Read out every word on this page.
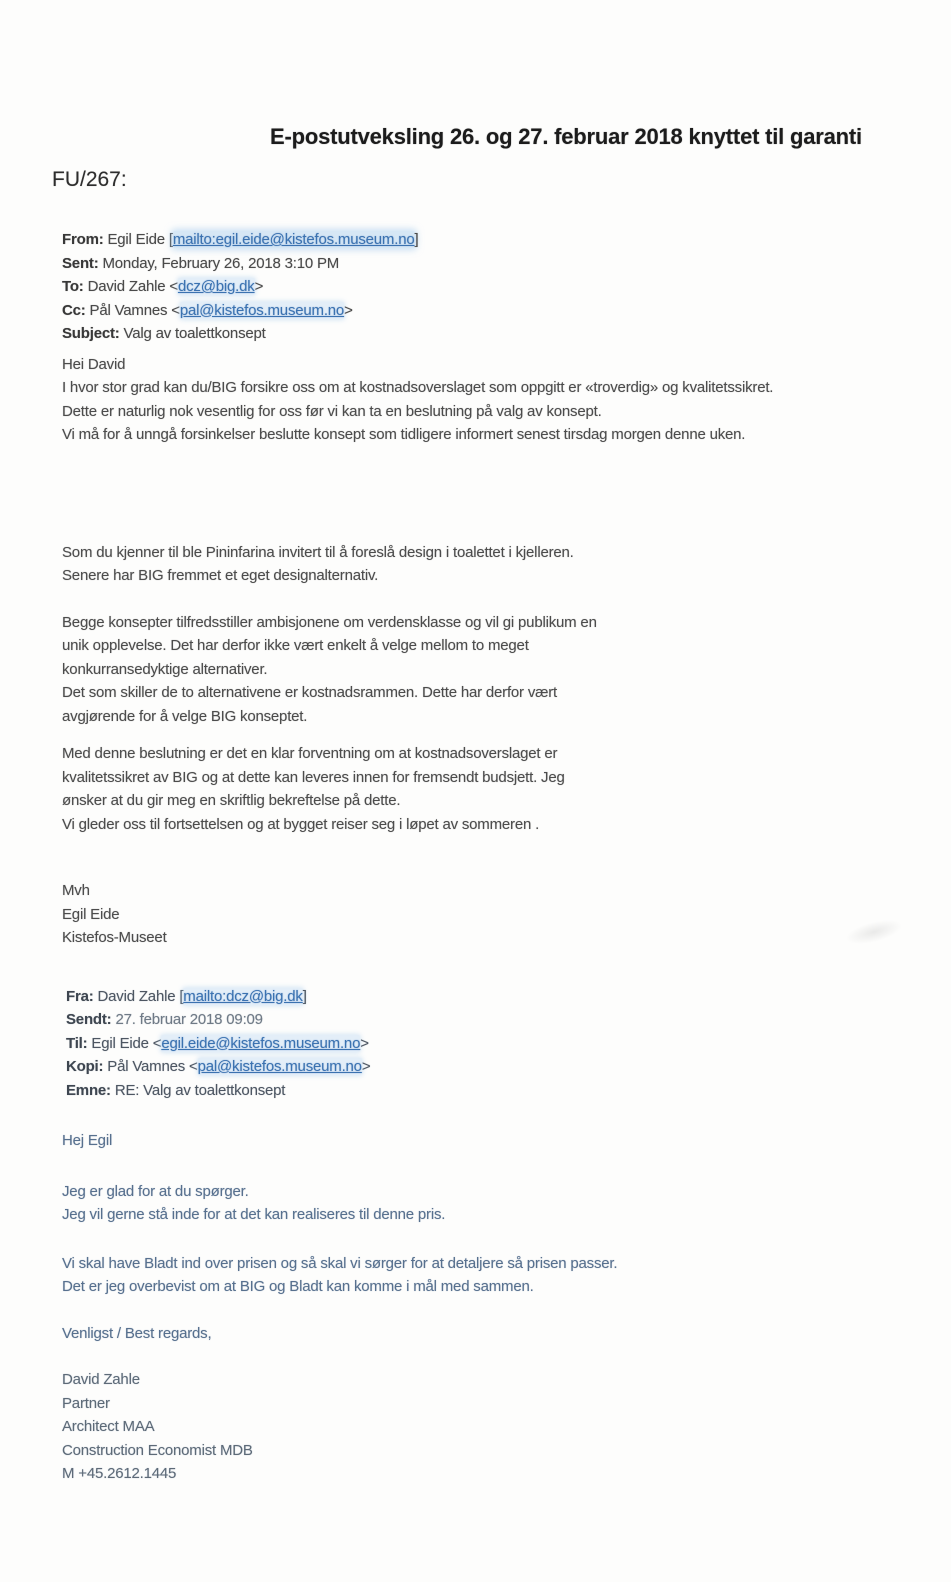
E-postutveksling 26. og 27. februar 2018 knyttet til garanti
FU/267:
From: Egil Eide [mailto:egil.eide@kistefos.museum.no]
Sent: Monday, February 26, 2018 3:10 PM
To: David Zahle <dcz@big.dk>
Cc: Pål Vamnes <pal@kistefos.museum.no>
Subject: Valg av toalettkonsept
Hei David
I hvor stor grad kan du/BIG forsikre oss om at kostnadsoverslaget som oppgitt er «troverdig» og kvalitetssikret.
Dette er naturlig nok vesentlig for oss før vi kan ta en beslutning på valg av konsept.
Vi må for å unngå forsinkelser beslutte konsept som tidligere informert senest tirsdag morgen denne uken.
Som du kjenner til ble Pininfarina invitert til å foreslå design i toalettet i kjelleren.
Senere har BIG fremmet et eget designalternativ.
Begge konsepter tilfredsstiller ambisjonene om verdensklasse og vil gi publikum en
unik opplevelse. Det har derfor ikke vært enkelt å velge mellom to meget
konkurransedyktige alternativer.
Det som skiller de to alternativene er kostnadsrammen. Dette har derfor vært
avgjørende for å velge BIG konseptet.
Med denne beslutning er det en klar forventning om at kostnadsoverslaget er
kvalitetssikret av BIG og at dette kan leveres innen for fremsendt budsjett. Jeg
ønsker at du gir meg en skriftlig bekreftelse på dette.
Vi gleder oss til fortsettelsen og at bygget reiser seg i løpet av sommeren .
Mvh
Egil Eide
Kistefos-Museet
Fra: David Zahle [mailto:dcz@big.dk]
Sendt: 27. februar 2018 09:09
Til: Egil Eide <egil.eide@kistefos.museum.no>
Kopi: Pål Vamnes <pal@kistefos.museum.no>
Emne: RE: Valg av toalettkonsept
Hej Egil
Jeg er glad for at du spørger.
Jeg vil gerne stå inde for at det kan realiseres til denne pris.
Vi skal have Bladt ind over prisen og så skal vi sørger for at detaljere så prisen passer.
Det er jeg overbevist om at BIG og Bladt kan komme i mål med sammen.
Venligst / Best regards,
David Zahle
Partner
Architect MAA
Construction Economist MDB
M +45.2612.1445
